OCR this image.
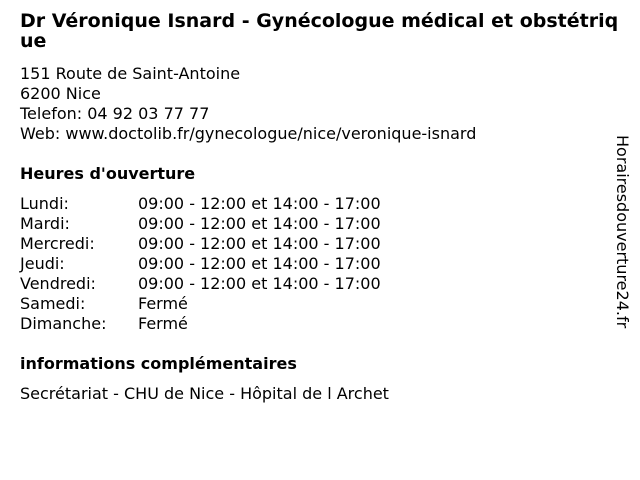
Dr Véronique Isnard - Gynécologue médical et obstétrique
151 Route de Saint-Antoine
6200 Nice
Telefon: 04 92 03 77 77
Web: www.doctolib.fr/gynecologue/nice/veronique-isnard
Heures d'ouverture
Lundi:	09:00 - 12:00 et 14:00 - 17:00
Mardi:	09:00 - 12:00 et 14:00 - 17:00
Mercredi:	09:00 - 12:00 et 14:00 - 17:00
Jeudi:	09:00 - 12:00 et 14:00 - 17:00
Vendredi:	09:00 - 12:00 et 14:00 - 17:00
Samedi:	Fermé
Dimanche:	Fermé
informations complémentaires
Secrétariat - CHU de Nice - Hôpital de l Archet
Horairesdouverture24.fr
